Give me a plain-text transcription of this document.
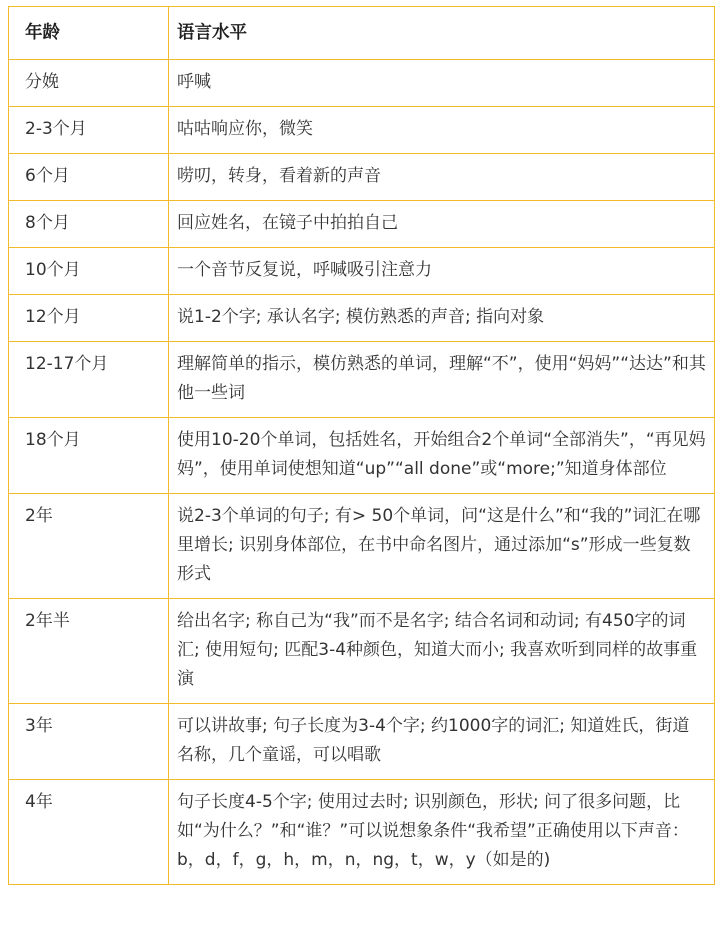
年龄	语言水平
分娩	呼喊
2-3个月	咕咕响应你，微笑
6个月	唠叨，转身，看着新的声音
8个月	回应姓名，在镜子中拍拍自己
10个月	一个音节反复说，呼喊吸引注意力
12个月	说1-2个字; 承认名字; 模仿熟悉的声音; 指向对象
12-17个月	理解简单的指示，模仿熟悉的单词，理解“不”，使用“妈妈”“达达”和其他一些词
18个月	使用10-20个单词，包括姓名，开始组合2个单词“全部消失”，“再见妈妈”，使用单词使想知道“up”“all done”或“more;”知道身体部位
2年	说2-3个单词的句子; 有> 50个单词，问“这是什么”和“我的”词汇在哪里增长; 识别身体部位，在书中命名图片，通过添加“s”形成一些复数形式
2年半	给出名字; 称自己为“我”而不是名字; 结合名词和动词; 有450字的词汇; 使用短句; 匹配3-4种颜色，知道大而小; 我喜欢听到同样的故事重演
3年	可以讲故事; 句子长度为3-4个字; 约1000字的词汇; 知道姓氏，街道名称，几个童谣，可以唱歌
4年	句子长度4-5个字; 使用过去时; 识别颜色，形状; 问了很多问题，比如“为什么？”和“谁？”可以说想象条件“我希望”正确使用以下声音：b，d，f，g，h，m，n，ng，t，w，y（如是的)
